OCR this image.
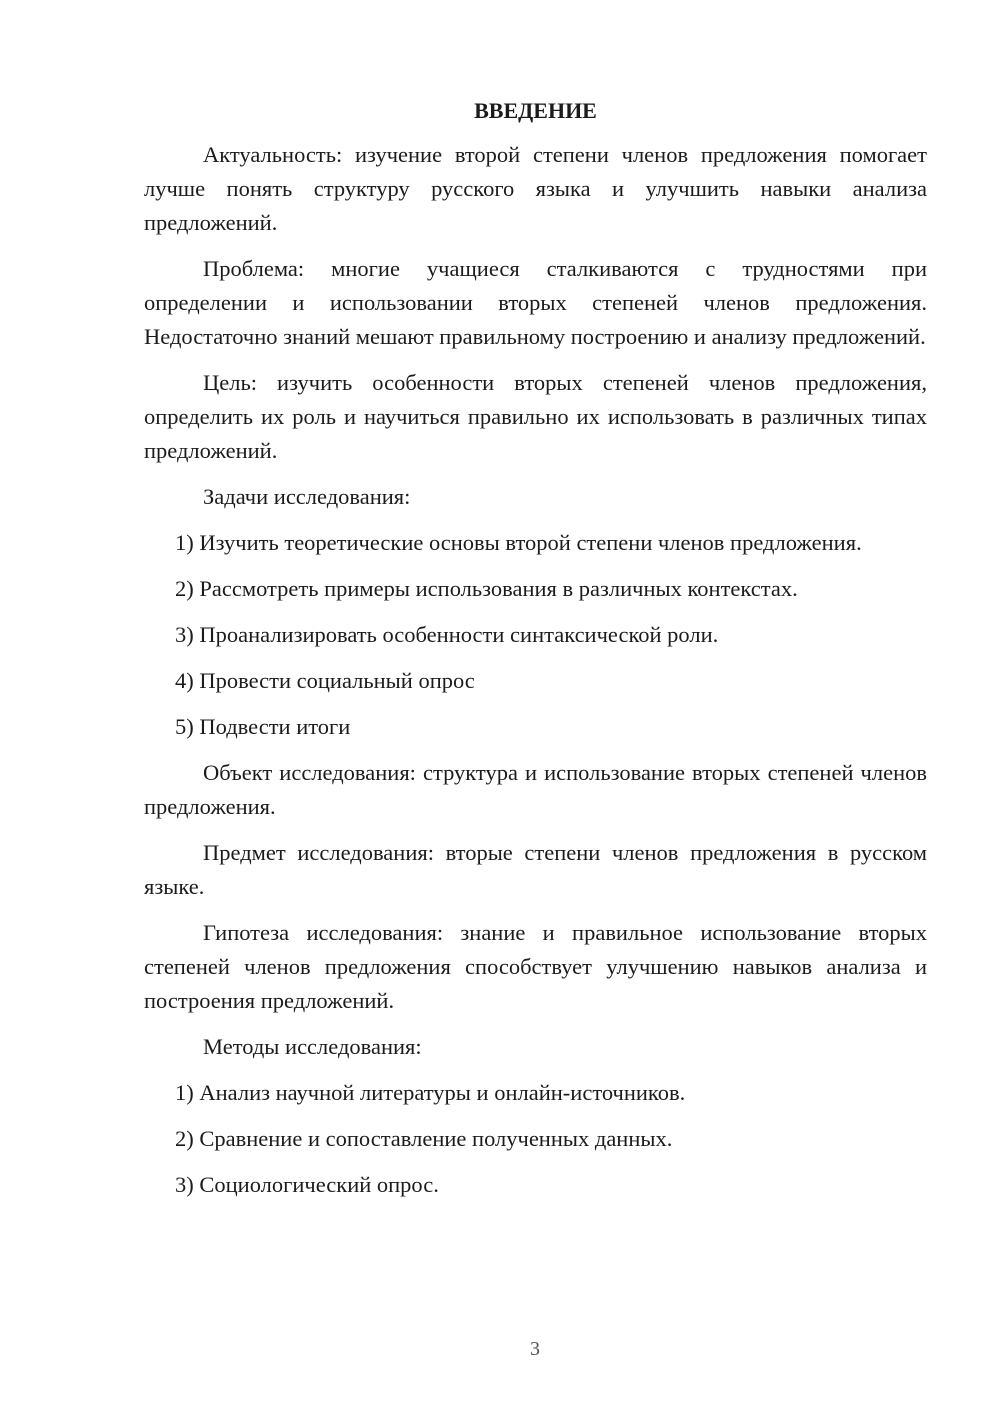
ВВЕДЕНИЕ

Актуальность: изучение второй степени членов предложения помогает лучше понять структуру русского языка и улучшить навыки анализа предложений.

Проблема: многие учащиеся сталкиваются с трудностями при определении и использовании вторых степеней членов предложения. Недостаточно знаний мешают правильному построению и анализу предложений.

Цель: изучить особенности вторых степеней членов предложения, определить их роль и научиться правильно их использовать в различных типах предложений.

Задачи исследования:

1) Изучить теоретические основы второй степени членов предложения.

2) Рассмотреть примеры использования в различных контекстах.

3) Проанализировать особенности синтаксической роли.

4) Провести социальный опрос

5) Подвести итоги

Объект исследования: структура и использование вторых степеней членов предложения.

Предмет исследования: вторые степени членов предложения в русском языке.

Гипотеза исследования: знание и правильное использование вторых степеней членов предложения способствует улучшению навыков анализа и построения предложений.

Методы исследования:

1) Анализ научной литературы и онлайн-источников.

2) Сравнение и сопоставление полученных данных.

3) Социологический опрос.

3
